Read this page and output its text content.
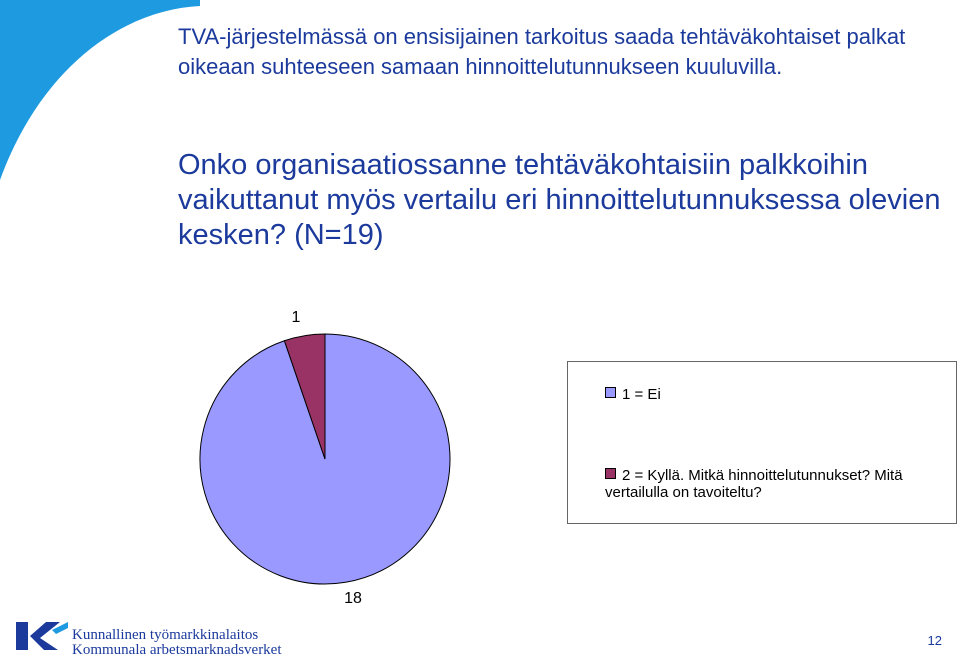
TVA-järjestelmässä on ensisijainen tarkoitus saada tehtäväkohtaiset palkat oikeaan suhteeseen samaan hinnoittelutunnukseen kuuluvilla.
Onko organisaatiossanne tehtäväkohtaisiin palkkoihin vaikuttanut myös vertailu eri hinnoittelutunnuksessa olevien kesken? (N=19)
1
18
1 = Ei
2 = Kyllä. Mitkä hinnoittelutunnukset? Mitä vertailulla on tavoiteltu?
Kunnallinen työmarkkinalaitos
Kommunala arbetsmarknadsverket
12
